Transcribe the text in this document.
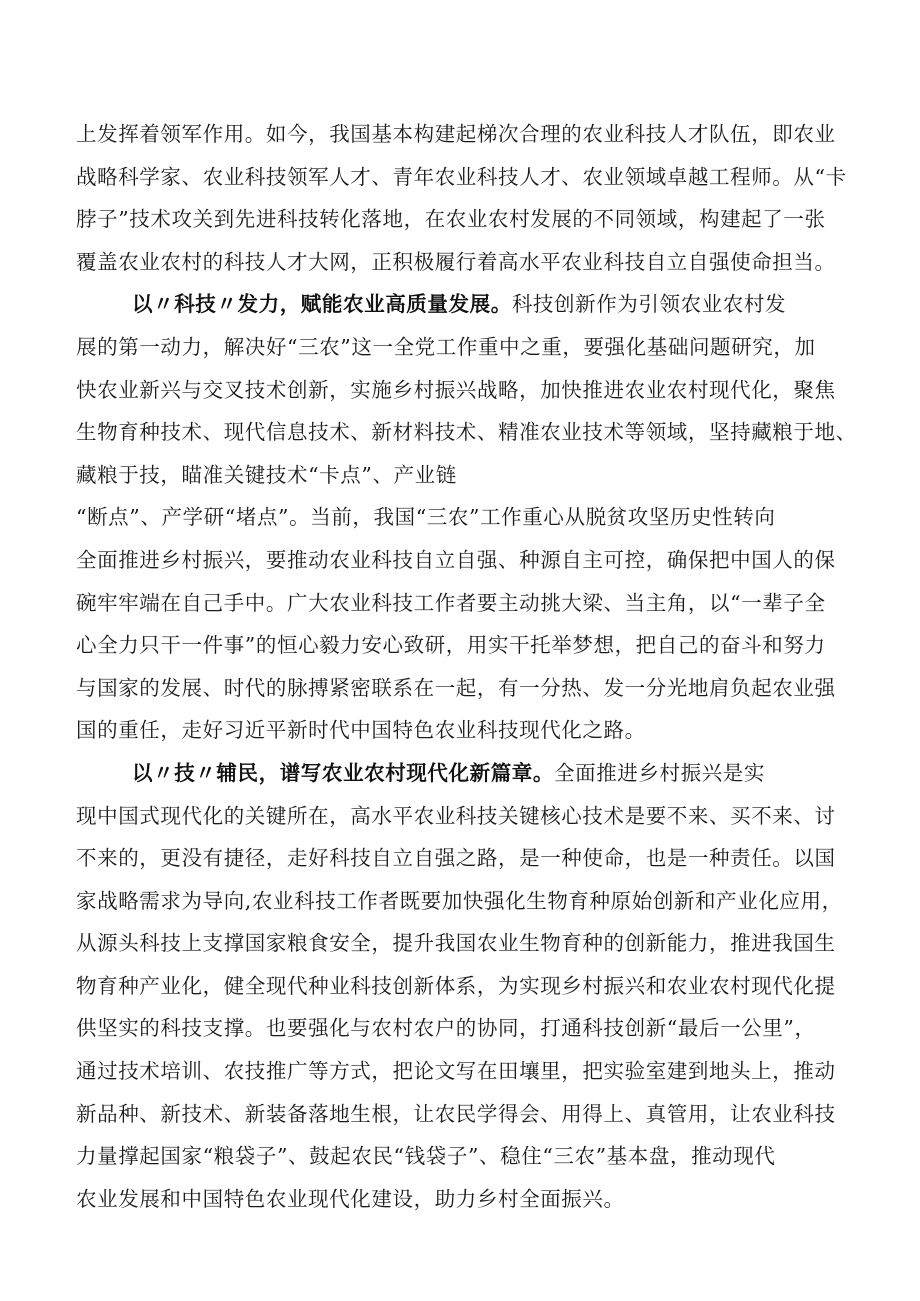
上发挥着领军作用。如今，我国基本构建起梯次合理的农业科技人才队伍，即农业
战略科学家、农业科技领军人才、青年农业科技人才、农业领域卓越工程师。从“卡
脖子”技术攻关到先进科技转化落地，在农业农村发展的不同领域，构建起了一张
覆盖农业农村的科技人才大网，正积极履行着高水平农业科技自立自强使命担当。
以〃科技〃发力，赋能农业高质量发展。科技创新作为引领农业农村发
展的第一动力，解决好“三农”这一全党工作重中之重，要强化基础问题研究，加
快农业新兴与交叉技术创新，实施乡村振兴战略，加快推进农业农村现代化，聚焦
生物育种技术、现代信息技术、新材料技术、精准农业技术等领域，坚持藏粮于地、
藏粮于技，瞄准关键技术“卡点”、产业链
“断点”、产学研“堵点”。当前，我国“三农”工作重心从脱贫攻坚历史性转向
全面推进乡村振兴，要推动农业科技自立自强、种源自主可控，确保把中国人的保
碗牢牢端在自己手中。广大农业科技工作者要主动挑大梁、当主角，以“一辈子全
心全力只干一件事”的恒心毅力安心致研，用实干托举梦想，把自己的奋斗和努力
与国家的发展、时代的脉搏紧密联系在一起，有一分热、发一分光地肩负起农业强
国的重任，走好习近平新时代中国特色农业科技现代化之路。
以〃技〃辅民，谱写农业农村现代化新篇章。全面推进乡村振兴是实
现中国式现代化的关键所在，高水平农业科技关键核心技术是要不来、买不来、讨
不来的，更没有捷径，走好科技自立自强之路，是一种使命，也是一种责任。以国
家战略需求为导向,农业科技工作者既要加快强化生物育种原始创新和产业化应用，
从源头科技上支撑国家粮食安全，提升我国农业生物育种的创新能力，推进我国生
物育种产业化，健全现代种业科技创新体系，为实现乡村振兴和农业农村现代化提
供坚实的科技支撑。也要强化与农村农户的协同，打通科技创新“最后一公里”，
通过技术培训、农技推广等方式，把论文写在田壤里，把实验室建到地头上，推动
新品种、新技术、新装备落地生根，让农民学得会、用得上、真管用，让农业科技
力量撑起国家“粮袋子”、鼓起农民“钱袋子”、稳住“三农”基本盘，推动现代
农业发展和中国特色农业现代化建设，助力乡村全面振兴。
